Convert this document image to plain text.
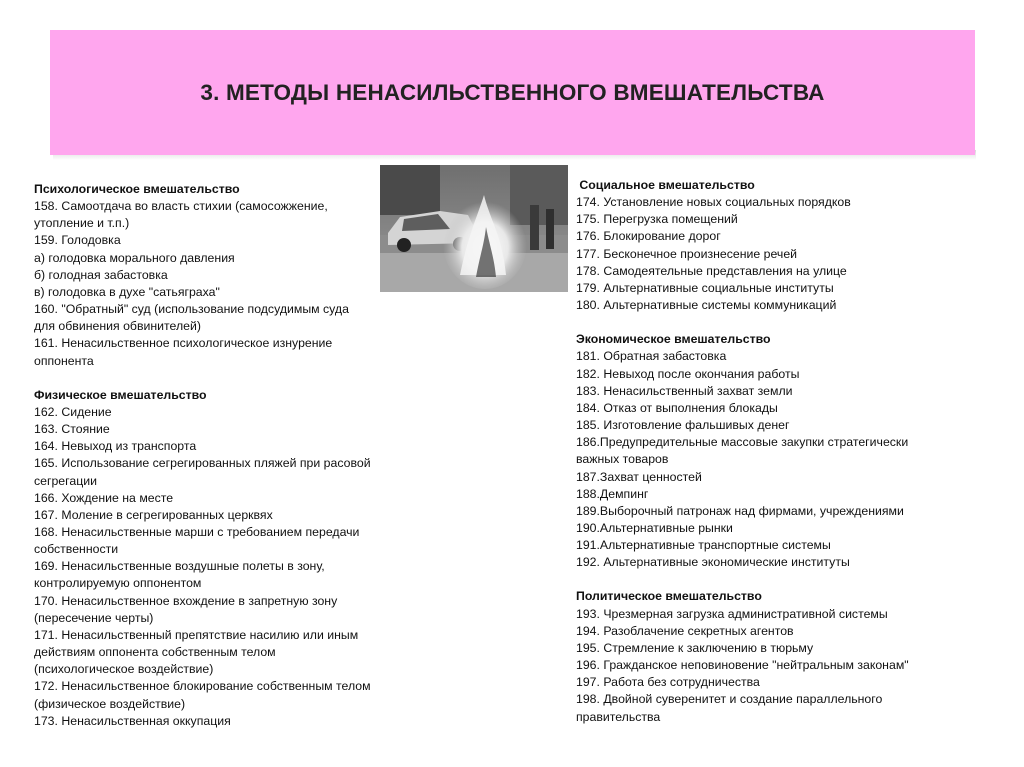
3. МЕТОДЫ НЕНАСИЛЬСТВЕННОГО ВМЕШАТЕЛЬСТВА

Психологическое вмешательство

158. Самоотдача во власть стихии (самосожжение,

утопление и т.п.)

159. Голодовка

а) голодовка морального давления

б) голодная забастовка

в) голодовка в духе "сатьяграха"

160. "Обратный" суд (использование подсудимым суда

для обвинения обвинителей)

161. Ненасильственное психологическое изнурение

оппонента

Физическое вмешательство

162. Сидение

163. Стояние

164. Невыход из транспорта

165. Использование сегрегированных пляжей при расовой

сегрегации

166. Хождение на месте

167. Моление в сегрегированных церквях

168. Ненасильственные марши с требованием передачи

собственности

169. Ненасильственные воздушные полеты в зону,

контролируемую оппонентом

170. Ненасильственное вхождение в запретную зону

(пересечение черты)

171. Ненасильственный препятствие насилию или иным

действиям оппонента собственным телом

(психологическое воздействие)

172. Ненасильственное блокирование собственным телом

(физическое воздействие)

173. Ненасильственная оккупация

Социальное вмешательство

174. Установление новых социальных порядков

175. Перегрузка помещений

176. Блокирование дорог

177. Бесконечное произнесение речей

178. Самодеятельные представления на улице

179. Альтернативные социальные институты

180. Альтернативные системы коммуникаций

Экономическое вмешательство

181. Обратная забастовка

182. Невыход после окончания работы

183. Ненасильственный захват земли

184. Отказ от выполнения блокады

185. Изготовление фальшивых денег

186.Предупредительные массовые закупки стратегически

важных товаров

187.Захват ценностей

188.Демпинг

189.Выборочный патронаж над фирмами, учреждениями

190.Альтернативные рынки

191.Альтернативные транспортные системы

192. Альтернативные экономические институты

Политическое вмешательство

193. Чрезмерная загрузка административной системы

194. Разоблачение секретных агентов

195. Стремление к заключению в тюрьму

196. Гражданское неповиновение "нейтральным законам"

197. Работа без сотрудничества

198. Двойной суверенитет и создание параллельного

правительства
